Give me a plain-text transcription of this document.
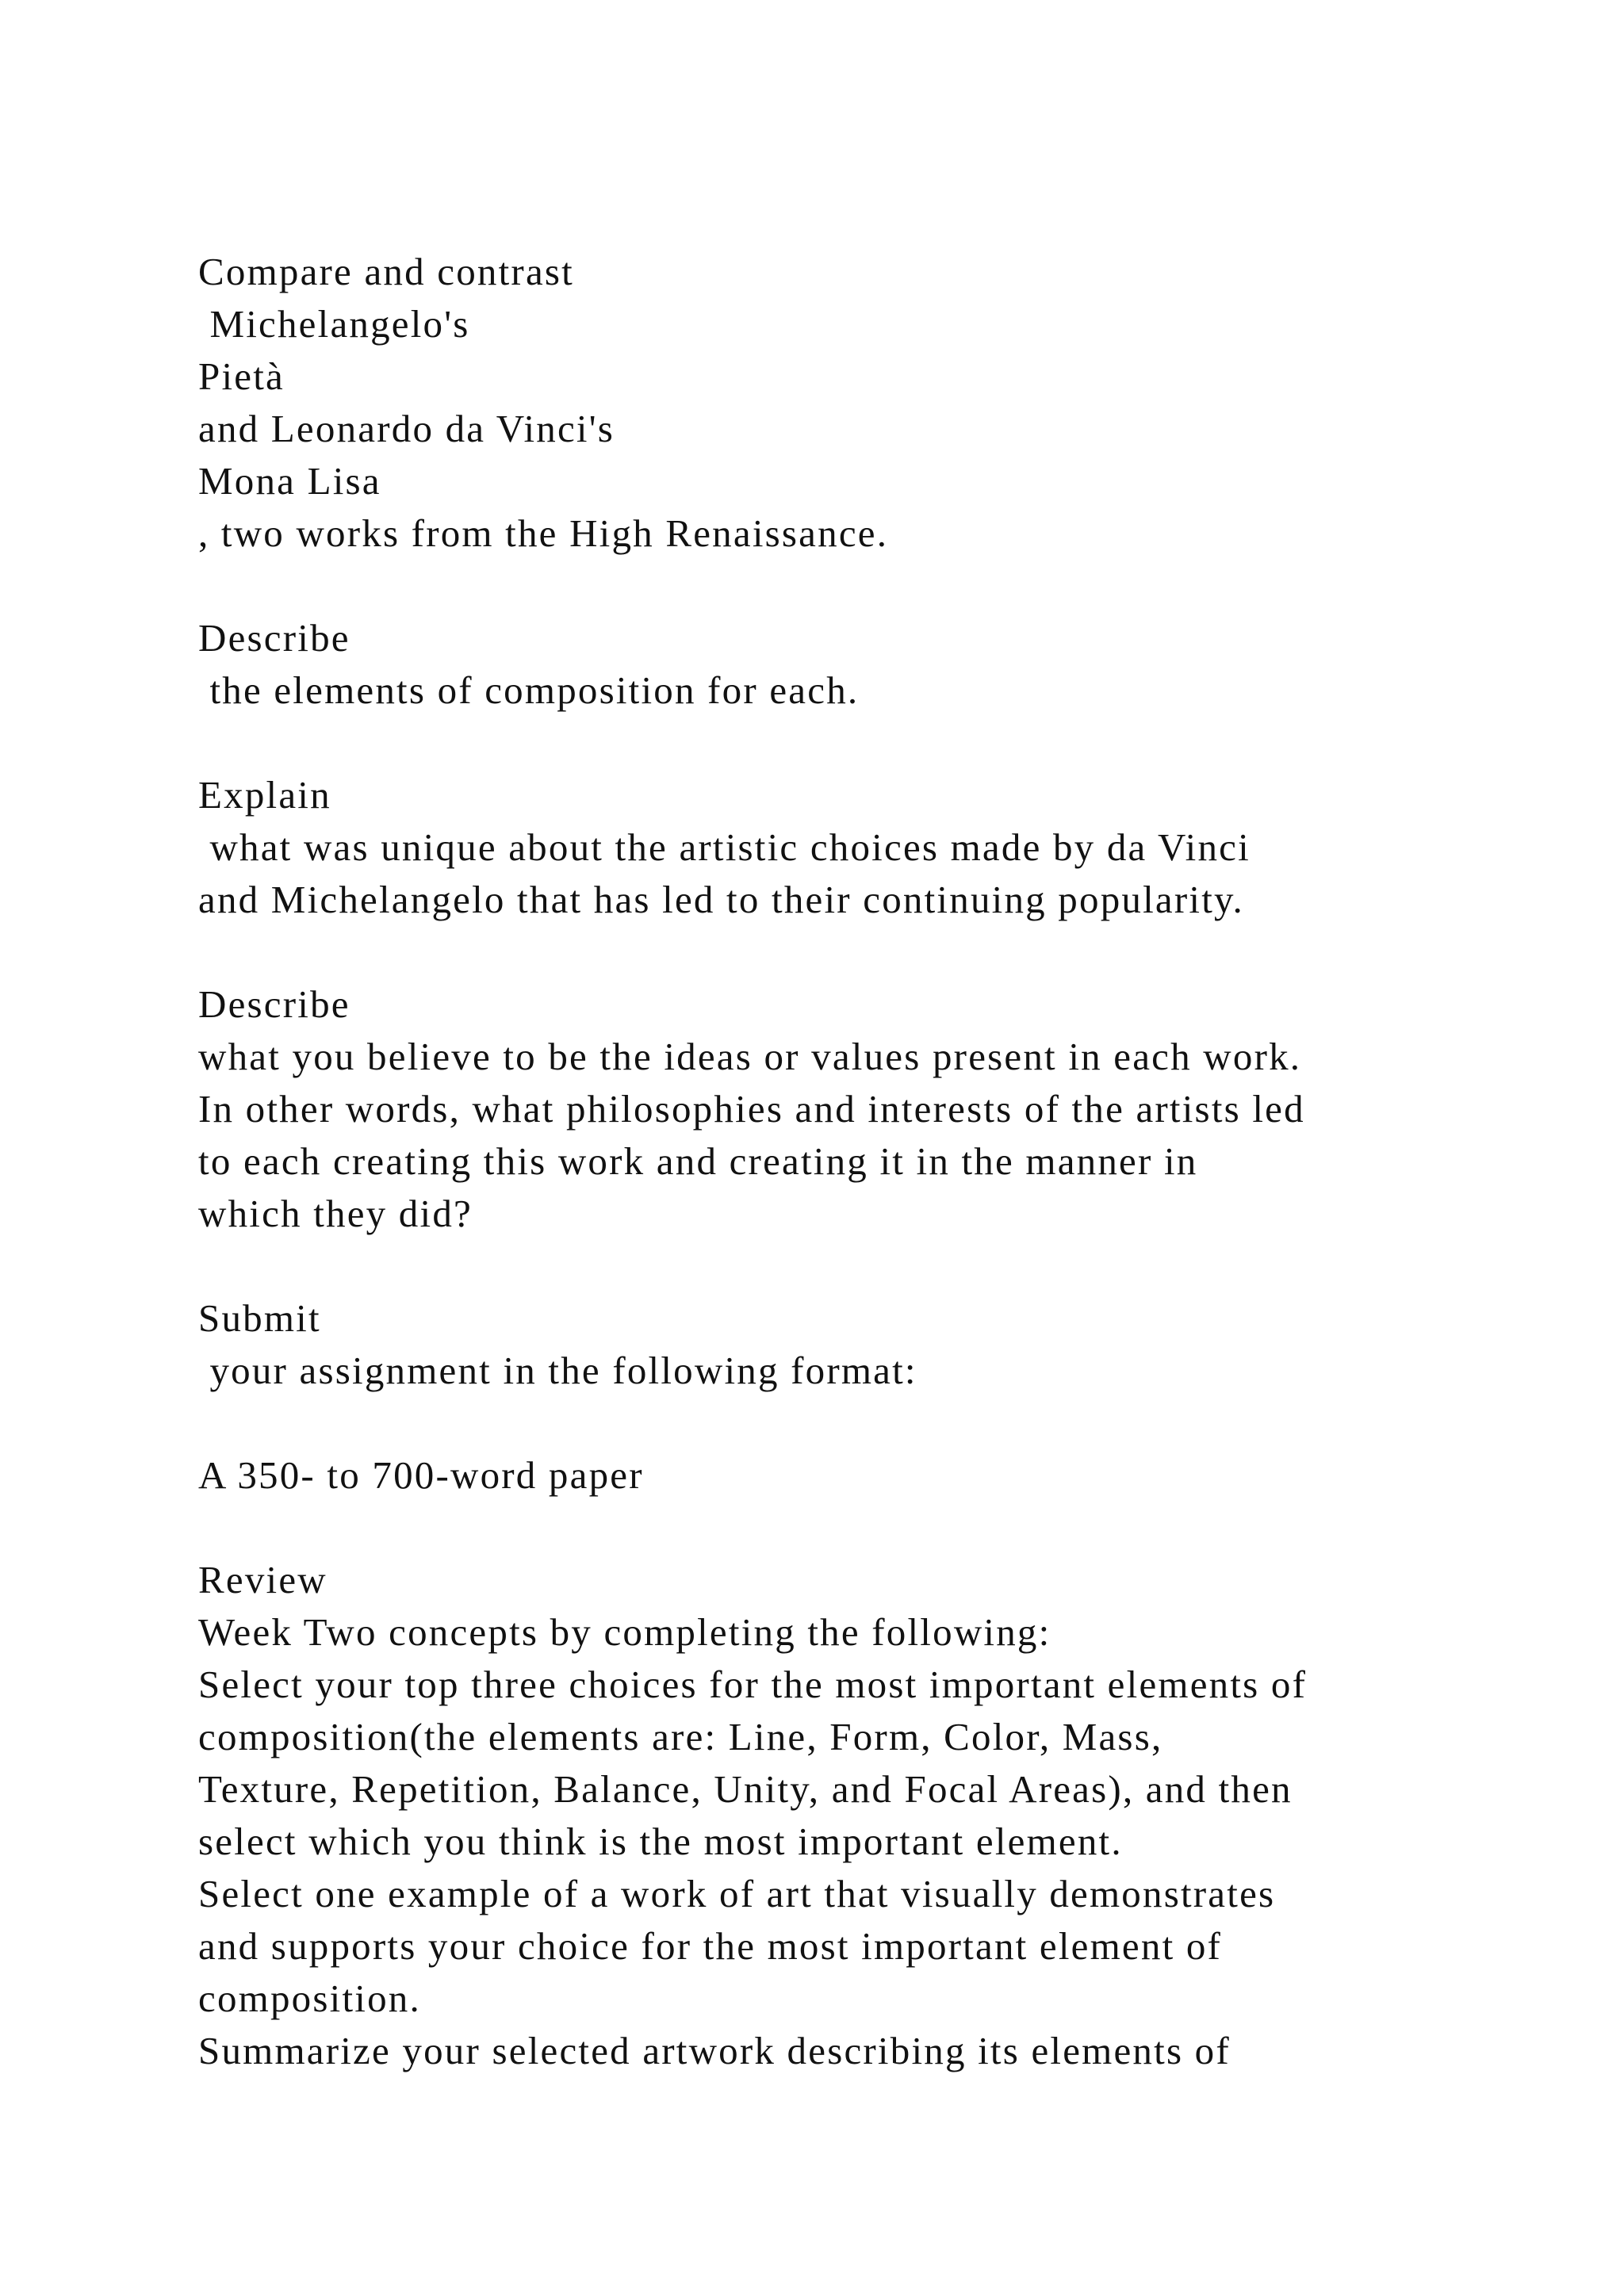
Compare and contrast
Michelangelo's
Pietà
and Leonardo da Vinci's
Mona Lisa
, two works from the High Renaissance.
Describe
the elements of composition for each.
Explain
what was unique about the artistic choices made by da Vinci
and Michelangelo that has led to their continuing popularity.
Describe
what you believe to be the ideas or values present in each work.
In other words, what philosophies and interests of the artists led
to each creating this work and creating it in the manner in
which they did?
Submit
your assignment in the following format:
A 350- to 700-word paper
Review
Week Two concepts by completing the following:
Select your top three choices for the most important elements of
composition(the elements are: Line, Form, Color, Mass,
Texture, Repetition, Balance, Unity, and Focal Areas), and then
select which you think is the most important element.
Select one example of a work of art that visually demonstrates
and supports your choice for the most important element of
composition.
Summarize your selected artwork describing its elements of
